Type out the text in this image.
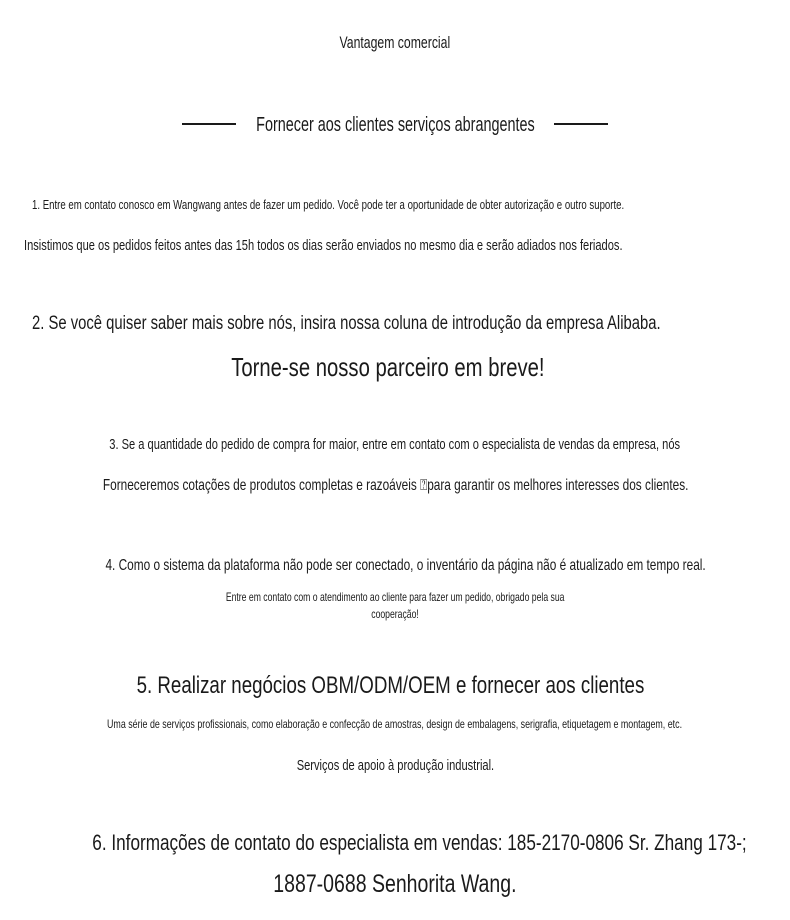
Vantagem comercial
Fornecer aos clientes serviços abrangentes
1. Entre em contato conosco em Wangwang antes de fazer um pedido. Você pode ter a oportunidade de obter autorização e outro suporte.
Insistimos que os pedidos feitos antes das 15h todos os dias serão enviados no mesmo dia e serão adiados nos feriados.
2. Se você quiser saber mais sobre nós, insira nossa coluna de introdução da empresa Alibaba.
Torne-se nosso parceiro em breve!
3. Se a quantidade do pedido de compra for maior, entre em contato com o especialista de vendas da empresa, nós
Forneceremos cotações de produtos completas e razoáveis ⍰para garantir os melhores interesses dos clientes.
4. Como o sistema da plataforma não pode ser conectado, o inventário da página não é atualizado em tempo real.
Entre em contato com o atendimento ao cliente para fazer um pedido, obrigado pela sua
cooperação!
5. Realizar negócios OBM/ODM/OEM e fornecer aos clientes
Uma série de serviços profissionais, como elaboração e confecção de amostras, design de embalagens, serigrafia, etiquetagem e montagem, etc.
Serviços de apoio à produção industrial.
6. Informações de contato do especialista em vendas: 185-2170-0806 Sr. Zhang 173-;
1887-0688 Senhorita Wang.
